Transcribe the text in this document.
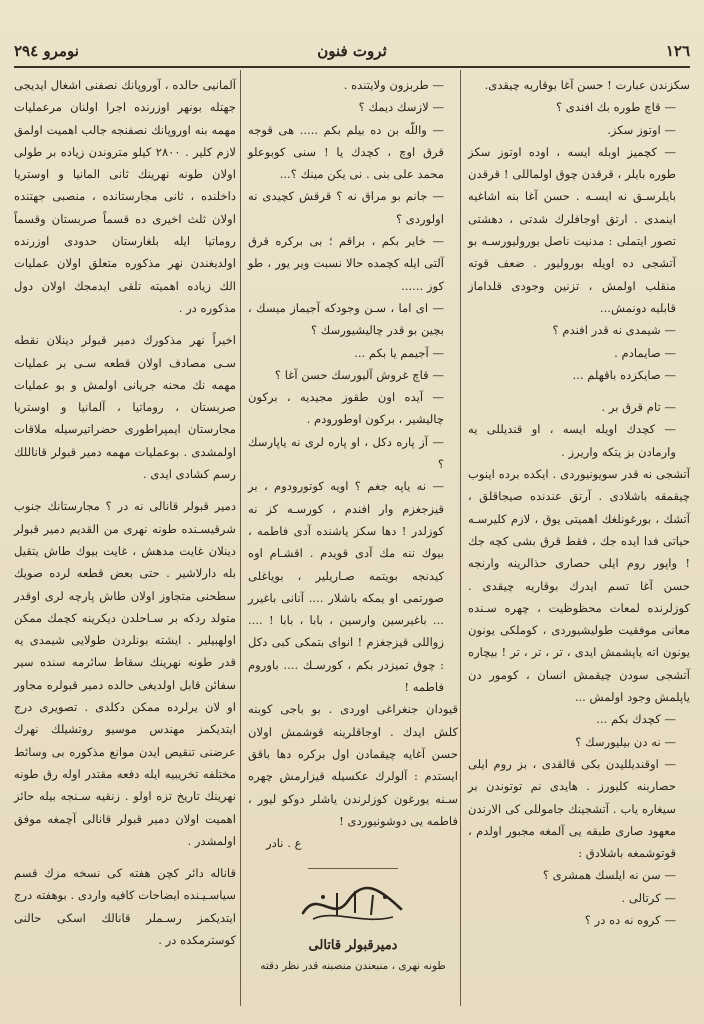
١٢٦
ثروت فنون
نومرو ٢٩٤

سكزندن عبارت ! حسن آغا بوقاريه چيقدى.

— قاچ طوره بك افندى ؟

— اوتوز سكز.

— كچميز اوبله ايسه ، اوده اوتوز سكز طوره بايلر ، قرقدن چوق اولماللى ! قرقدن بايلرسـق نه ايسـه . حسن آغا بنه اشاغيه اينمدى . ارتق اوجافلرك شدتى ، دهشتى تصور ايتملى : مدنيت ناصل بوروليورسـه بو آتشجى ده اويله بوروليور . ضعف قوته منقلب اولمش ، تزنين وجودى قلداماز قابليه دونمش...

— شيمدى نه قدر افندم ؟

— صايمادم .

— صايكزده باقهلم ...

— تام قرق بر .

— كچدك اويله ايسه ، او قنديللى يه وارمادن بز يتكه واريرز .

آتشجى نه قدر سويونيوردى . ايكده برده اينوب چيقمقه باشلادى . آرتق عندنده صيجاقلق ، آتشك ، بورغونلغك اهميتى يوق ، لازم كليرسـه حياتى فدا ايده جك ، فقط قرق بشى كچه جك ! واپور روم ايلى حصارى حذالرينه وارنجه حسن آغا تسم ايدرك بوقاريه چيقدى . كوزلرنده لمعات محظوظيت ، چهره سـنده معانى موفقيت طوليشيوردى ، كوملكى يونون يونون اته ياپشمش ايدى ، تر ، تر ، تر ! بيچاره آتشجى سودن چيقمش انسان ، كومور دن ياپلمش وجود اولمش ...

— كچدك بكم ...

— نه دن بيليورسك ؟

— اوقنديلليدن بكى قالقدى ، بز روم ايلى حصاربنه كليورز . هايدى نم توتوندن بر سيغاره ياب . آتشجينك جاموللى كى الارندن معهود صارى طبقه يى آلمغه مجبور اولدم ، قوتوشمغه باشلادق :

— سن نه ايلسك همشرى ؟

— كرتالى .

— كروه نه ده در ؟

— طربزون ولايتنده .

— لازسك ديمك ؟

— واللّه بن ده بيلم بكم ..... هى قوجه قرق اوچ ، كچدك يا ! سنى كوبوعلو محمد على بنى . نى يكن مينك ؟...

— جانم بو مراق نه ؟ قرقش كچيدى نه اولوردى ؟

— خاير بكم ، براقم ؛ بى بركره قرق آلتى ايله كچمده حالا نسبت وير يور ، طو كوز ......

— اى اما ، سـن وجودكه آجيماز ميسك ، بچين بو قدر چاليشيورسك ؟

— آجيمم يا بكم ...

— قاچ غروش آليورسك حسن آغا ؟

— آيده اون طقوز مجيديه ، بركون چاليشير ، بركون اوطورودم .

— آز پاره دكل ، او پاره لرى نه ياپارسك ؟

— نه ياپه جغم ؟ اويه كوتورودوم ، بر قيزجغزم وار افندم ، كورسـه كز نه كوزلدر ! دها سكز ياشنده آدى فاطمه ، بيوك ننه مك آدى قويدم . اقشـام اوه كيدنجه بويتمه صـاريلير ، بوياغلى صورتمى او يمكه باشلار .... آنانى باغيرر ... باغيرسين وارسين ، بابا ، بابا ! .... زواللى قيزجغزم ! انواى بتمكى كبى دكل : چوق تميزدر بكم ، كورسـك .... باوروم فاطمه !

قيودان جنغراغى اوردى . بو باجى كوبنه كلش ايدك . اوجاقلرينه قوشمش اولان حسن آغايه چيقمادن اول بركره دها باقق ايستدم : آلولرك عكسيله قيزارمش چهره سـنه يورغون كوزلرندن ياشلر دوكو ليور ، فاطمه يى دوشونيوردى !

ع . نادر

دميرقبولر قاتالى

طونه نهرى ، منبعندن منصبنه قدر نظر دقته

آلمانيى حالده ، آوروپانك نصفنى اشغال ايديجى جهتله بونهر اوزرنده اجرا اولنان مرعمليات مهمه بنه اوروپانك نصفنجه جالب اهميت اولمق لازم كلير . ٢٨٠٠ كيلو متروندن زياده بر طولى اولان طونه نهرينك ثانى المانيا و اوستريا داخلنده ، ثانى مجارستانده ، منصبى جهتنده اولان ثلث اخيرى ده قسماً صربستان وقسماً روماتيا ايله بلغارستان حدودى اوزرنده اولديغندن نهر مذكوره متعلق اولان عمليات الك زياده اهميته تلقى ايدمجك اولان دول مذكوره در .

اخيراً نهر مذكورك دمير قبولر دينلان نقطه سـى مصادف اولان قطعه سـى بر عمليات مهمه نك محنه جريانى اولمش و بو عمليات صربستان ، روماتيا ، آلمانيا و اوستريا مجارستان ايمپراطورى حضراتيرسيله ملاقات اولمشدى . بوعمليات مهمه دمير قبولر قاناللك رسم كشادى ايدى .

دمير قبولر قانالى نه در ؟ مجارستانك جنوب شرقيسـنده طونه نهرى من القديم دمير قبولر دينلان غايت مدهش ، غايت بيوك طاش يتقيل بله دارلاشير . حتى بعض قطعه لرده صويك سطحنى متجاوز اولان طاش پارچه لرى اوقدر متولد ردكه بر سـاحلدن ديكرينه كچمك ممكن اولهبيلير . ايشته بونلردن طولايى شيمدى يه قدر طونه نهرينك سقاط سائرمه سنده سير سفائن قابل اولديغى حالده دمير قبولره مجاور او لان يرلرده ممكن دكلدى . تصويرى درج ايتديكمز مهندس موسيو روتشيلك نهرك عرضنى تنقيص ايدن موانع مذكوره بى وسائط مختلفه تخريبيه ايله دفعه مقتدر اوله رق طونه نهرينك تاريخ تزه اولو . زنقيه سـنجه بيله حائز اهميت اولان دمير قبولر قانالى آچمغه موفق اولمشدر .

قاناله دائر كچن هفته كى نسخه مزك قسم سياسـيـنده ايضاحات كافيه واردى . بوهفته درج ايتديكمز رسـملر قانالك اسكى حالنى كوسترمكده در .
